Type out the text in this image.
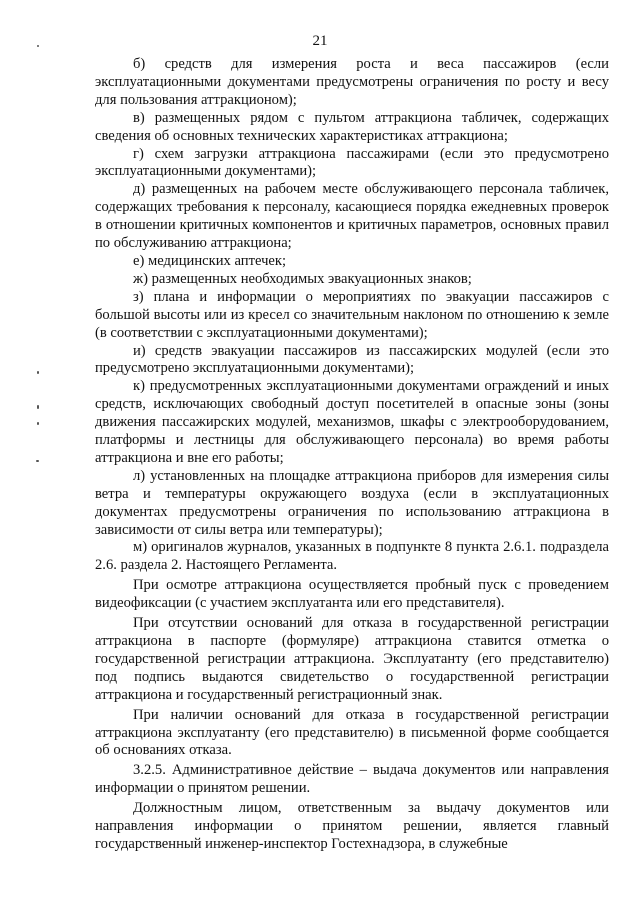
21

б) средств для измерения роста и веса пассажиров (если эксплуатационными документами предусмотрены ограничения по росту и весу для пользования аттракционом);

в) размещенных рядом с пультом аттракциона табличек, содержащих сведения об основных технических характеристиках аттракциона;

г) схем загрузки аттракциона пассажирами (если это предусмотрено эксплуатационными документами);

д) размещенных на рабочем месте обслуживающего персонала табличек, содержащих требования к персоналу, касающиеся порядка ежедневных проверок в отношении критичных компонентов и критичных параметров, основных правил по обслуживанию аттракциона;

е) медицинских аптечек;

ж) размещенных необходимых эвакуационных знаков;

з) плана и информации о мероприятиях по эвакуации пассажиров с большой высоты или из кресел со значительным наклоном по отношению к земле (в соответствии с эксплуатационными документами);

и) средств эвакуации пассажиров из пассажирских модулей (если это предусмотрено эксплуатационными документами);

к) предусмотренных эксплуатационными документами ограждений и иных средств, исключающих свободный доступ посетителей в опасные зоны (зоны движения пассажирских модулей, механизмов, шкафы с электрооборудованием, платформы и лестницы для обслуживающего персонала) во время работы аттракциона и вне его работы;

л) установленных на площадке аттракциона приборов для измерения силы ветра и температуры окружающего воздуха (если в эксплуатационных документах предусмотрены ограничения по использованию аттракциона в зависимости от силы ветра или температуры);

м) оригиналов журналов, указанных в подпункте 8 пункта 2.6.1. подраздела 2.6. раздела 2. Настоящего Регламента.

При осмотре аттракциона осуществляется пробный пуск с проведением видеофиксации (с участием эксплуатанта или его представителя).

При отсутствии оснований для отказа в государственной регистрации аттракциона в паспорте (формуляре) аттракциона ставится отметка о государственной регистрации аттракциона. Эксплуатанту (его представителю) под подпись выдаются свидетельство о государственной регистрации аттракциона и государственный регистрационный знак.

При наличии оснований для отказа в государственной регистрации аттракциона эксплуатанту (его представителю) в письменной форме сообщается об основаниях отказа.

3.2.5. Административное действие – выдача документов или направления информации о принятом решении.

Должностным лицом, ответственным за выдачу документов или направления информации о принятом решении, является главный государственный инженер-инспектор Гостехнадзора, в служебные
